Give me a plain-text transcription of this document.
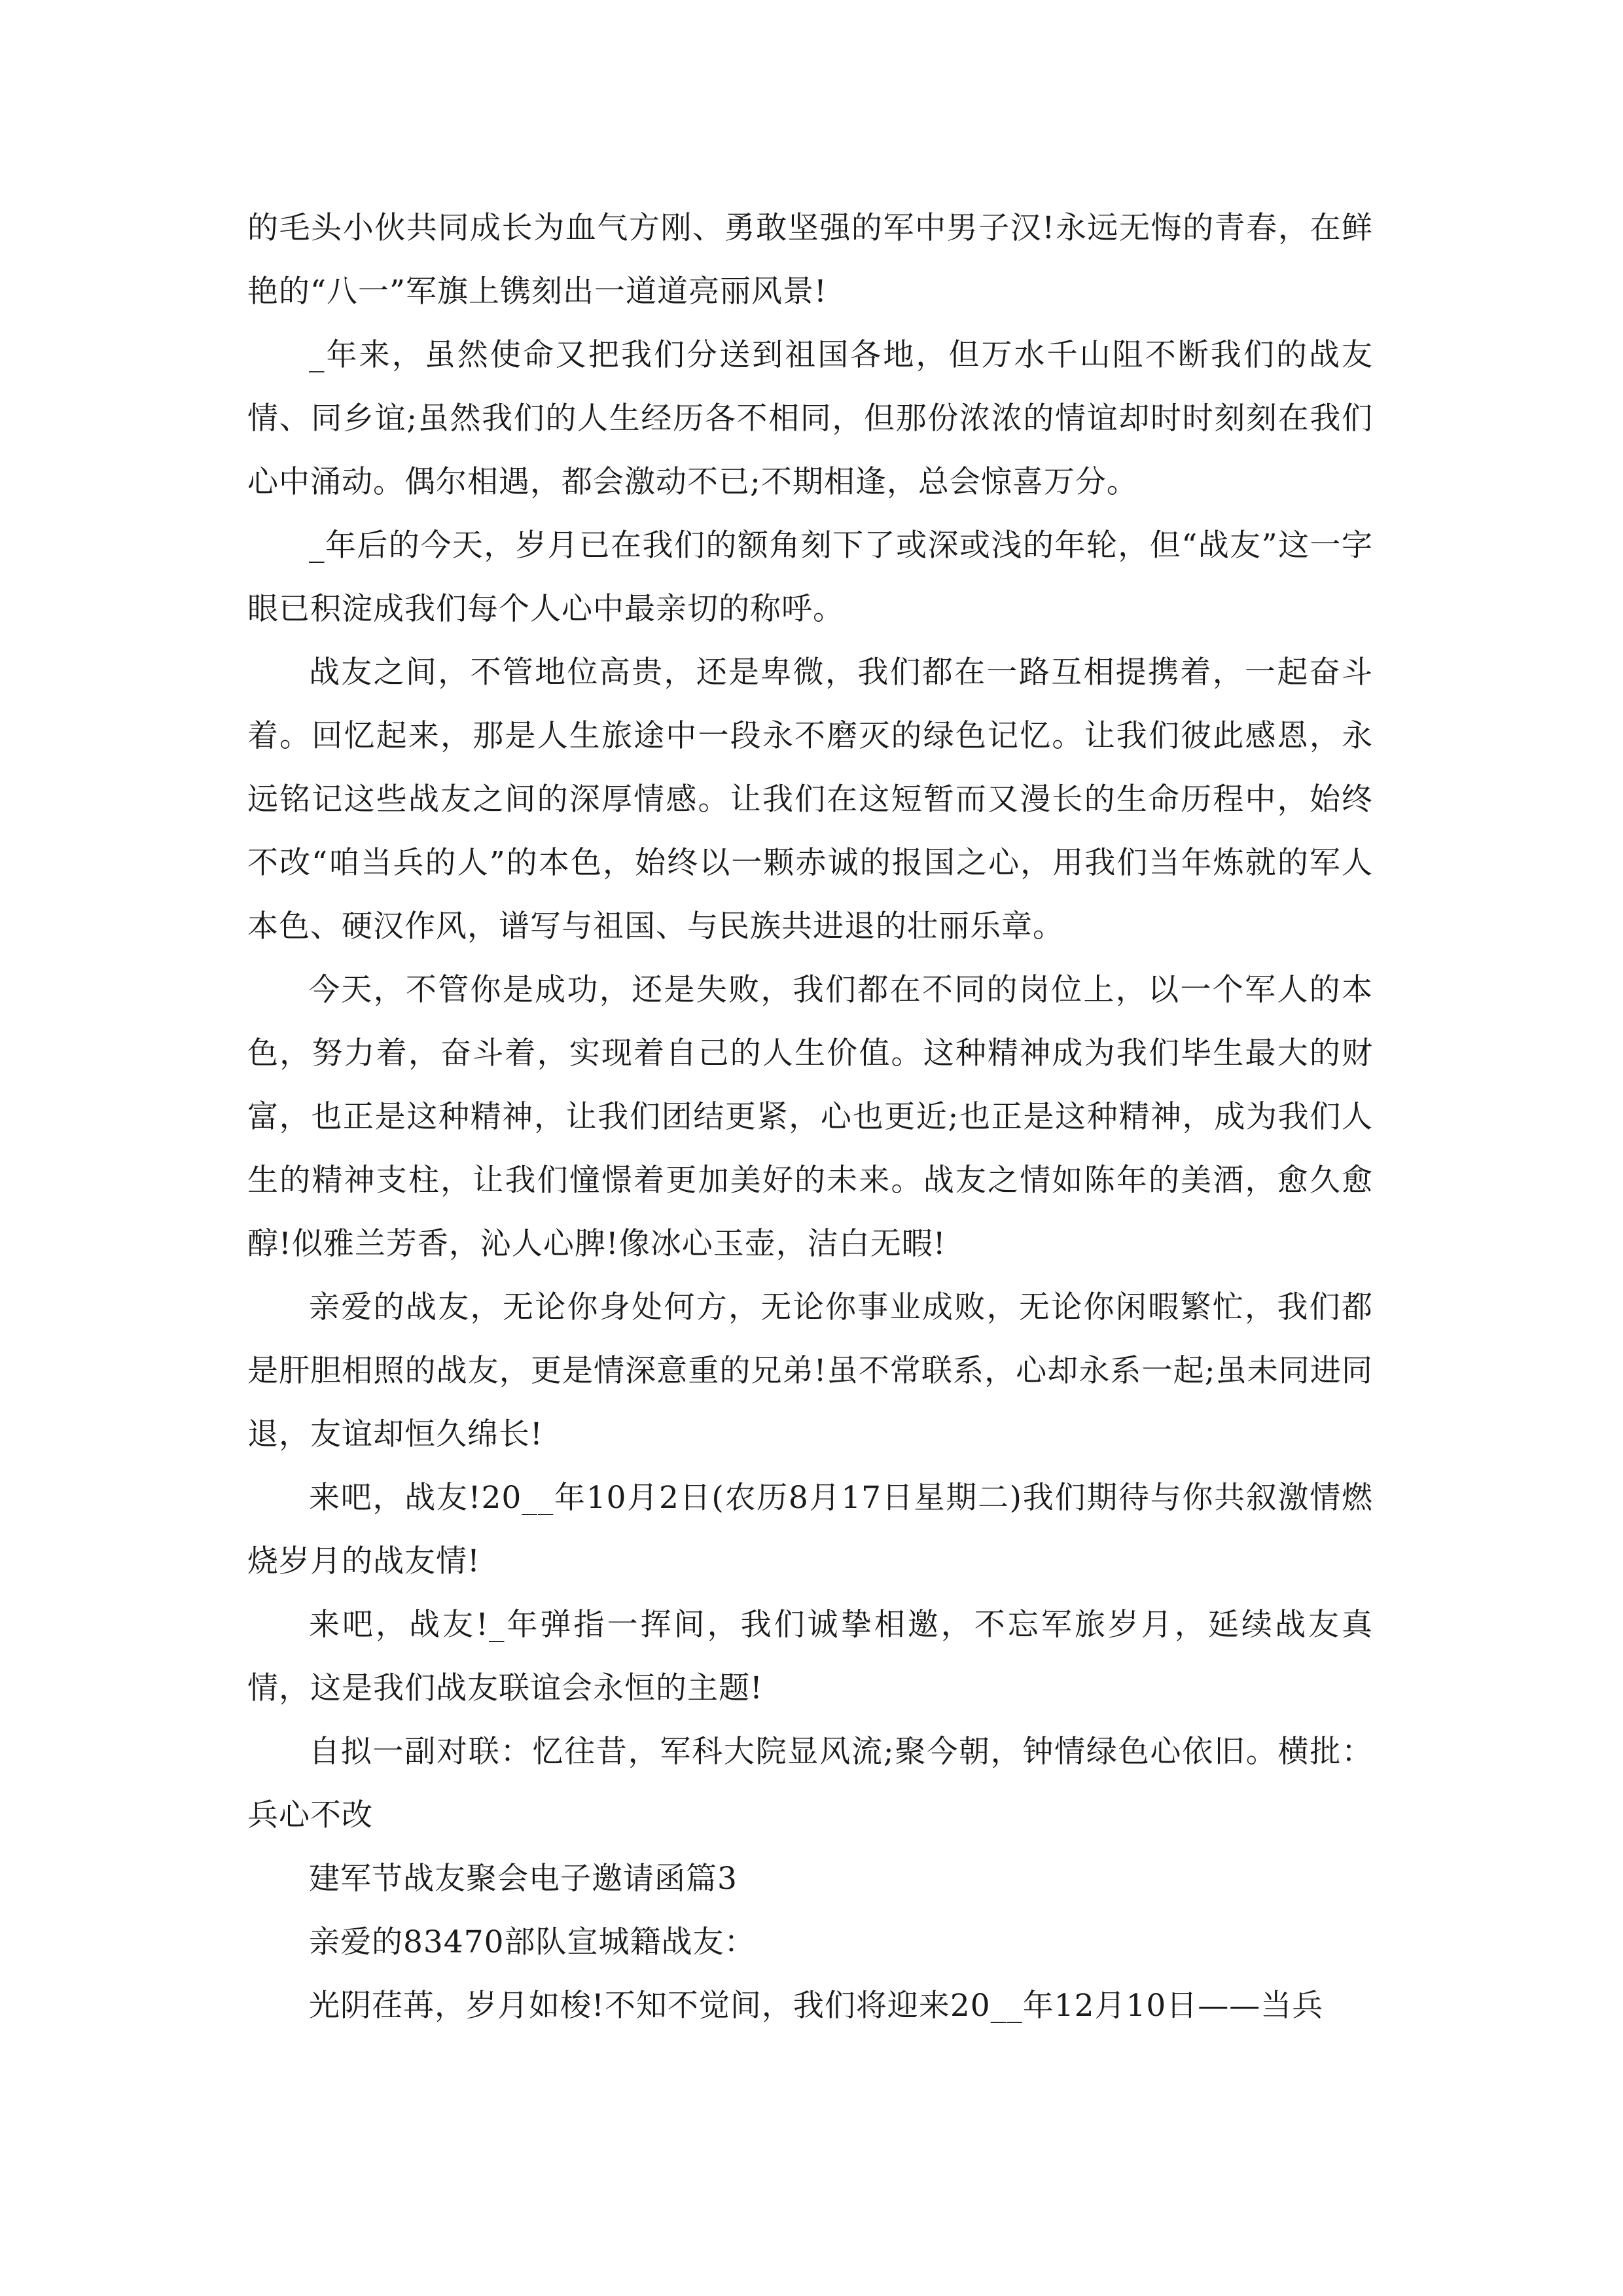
的毛头小伙共同成长为血气方刚、勇敢坚强的军中男子汉!永远无悔的青春，在鲜艳的“八一”军旗上镌刻出一道道亮丽风景!

_年来，虽然使命又把我们分送到祖国各地，但万水千山阻不断我们的战友情、同乡谊;虽然我们的人生经历各不相同，但那份浓浓的情谊却时时刻刻在我们心中涌动。偶尔相遇，都会激动不已;不期相逢，总会惊喜万分。

_年后的今天，岁月已在我们的额角刻下了或深或浅的年轮，但“战友”这一字眼已积淀成我们每个人心中最亲切的称呼。

战友之间，不管地位高贵，还是卑微，我们都在一路互相提携着，一起奋斗着。回忆起来，那是人生旅途中一段永不磨灭的绿色记忆。让我们彼此感恩，永远铭记这些战友之间的深厚情感。让我们在这短暂而又漫长的生命历程中，始终不改“咱当兵的人”的本色，始终以一颗赤诚的报国之心，用我们当年炼就的军人本色、硬汉作风，谱写与祖国、与民族共进退的壮丽乐章。

今天，不管你是成功，还是失败，我们都在不同的岗位上，以一个军人的本色，努力着，奋斗着，实现着自己的人生价值。这种精神成为我们毕生最大的财富，也正是这种精神，让我们团结更紧，心也更近;也正是这种精神，成为我们人生的精神支柱，让我们憧憬着更加美好的未来。战友之情如陈年的美酒，愈久愈醇!似雅兰芳香，沁人心脾!像冰心玉壶，洁白无暇!

亲爱的战友，无论你身处何方，无论你事业成败，无论你闲暇繁忙，我们都是肝胆相照的战友，更是情深意重的兄弟!虽不常联系，心却永系一起;虽未同进同退，友谊却恒久绵长!

来吧，战友!20__年10月2日(农历8月17日星期二)我们期待与你共叙激情燃烧岁月的战友情!

来吧，战友!_年弹指一挥间，我们诚挚相邀，不忘军旅岁月，延续战友真情，这是我们战友联谊会永恒的主题!

自拟一副对联：忆往昔，军科大院显风流;聚今朝，钟情绿色心依旧。横批：兵心不改

建军节战友聚会电子邀请函篇3

亲爱的83470部队宣城籍战友：

光阴荏苒，岁月如梭!不知不觉间，我们将迎来20__年12月10日——当兵
